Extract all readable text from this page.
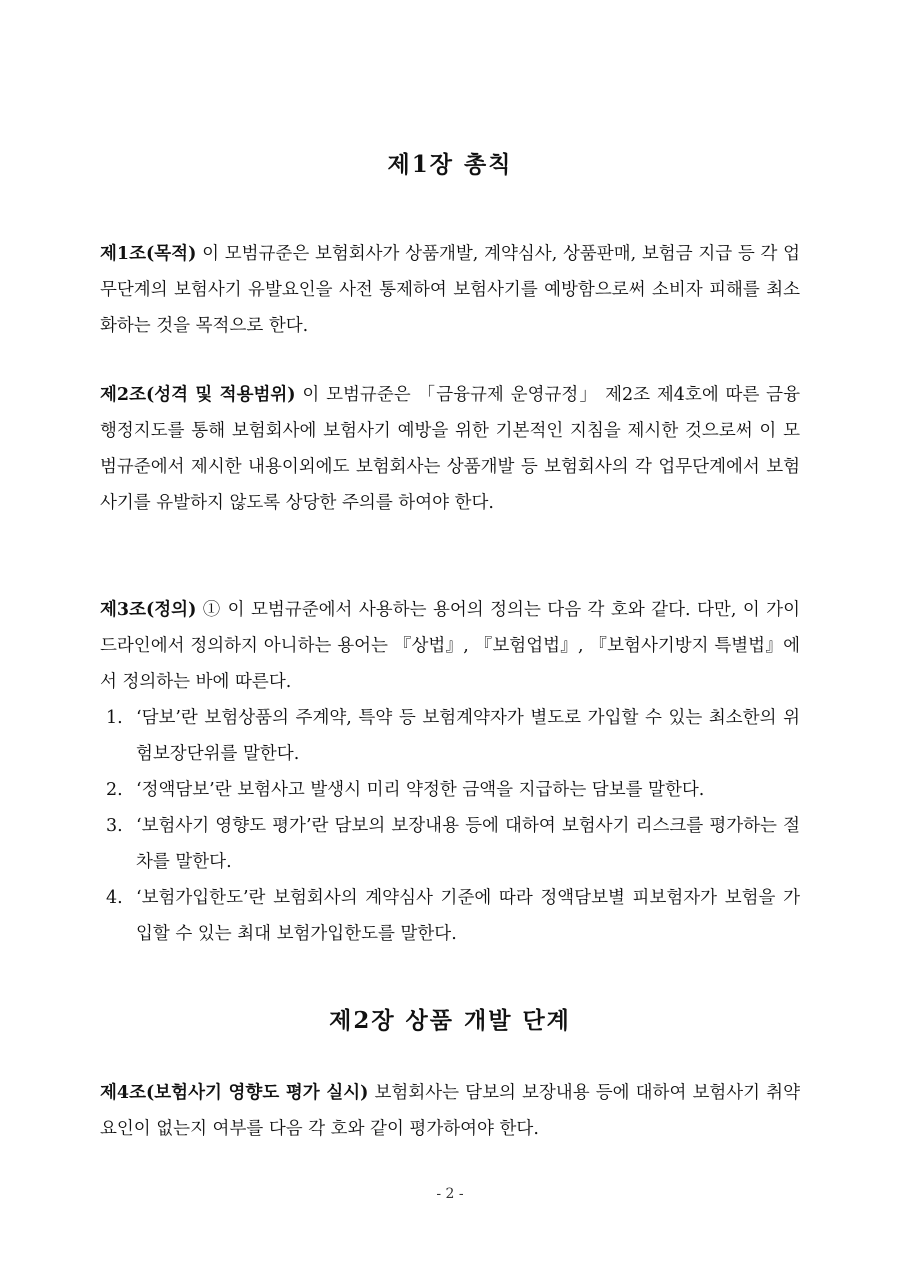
제1장 총칙

제1조(목적) 이 모범규준은 보험회사가 상품개발, 계약심사, 상품판매, 보험금 지급 등 각 업무단계의 보험사기 유발요인을 사전 통제하여 보험사기를 예방함으로써 소비자 피해를 최소화하는 것을 목적으로 한다.

제2조(성격 및 적용범위) 이 모범규준은 「금융규제 운영규정」 제2조 제4호에 따른 금융행정지도를 통해 보험회사에 보험사기 예방을 위한 기본적인 지침을 제시한 것으로써 이 모범규준에서 제시한 내용이외에도 보험회사는 상품개발 등 보험회사의 각 업무단계에서 보험사기를 유발하지 않도록 상당한 주의를 하여야 한다.

제3조(정의) ① 이 모범규준에서 사용하는 용어의 정의는 다음 각 호와 같다. 다만, 이 가이드라인에서 정의하지 아니하는 용어는 『상법』, 『보험업법』, 『보험사기방지 특별법』에서 정의하는 바에 따른다.

1. ‘담보’란 보험상품의 주계약, 특약 등 보험계약자가 별도로 가입할 수 있는 최소한의 위험보장단위를 말한다.
2. ‘정액담보’란 보험사고 발생시 미리 약정한 금액을 지급하는 담보를 말한다.
3. ‘보험사기 영향도 평가’란 담보의 보장내용 등에 대하여 보험사기 리스크를 평가하는 절차를 말한다.
4. ‘보험가입한도’란 보험회사의 계약심사 기준에 따라 정액담보별 피보험자가 보험을 가입할 수 있는 최대 보험가입한도를 말한다.
제2장 상품 개발 단계

제4조(보험사기 영향도 평가 실시) 보험회사는 담보의 보장내용 등에 대하여 보험사기 취약요인이 없는지 여부를 다음 각 호와 같이 평가하여야 한다.

- 2 -
